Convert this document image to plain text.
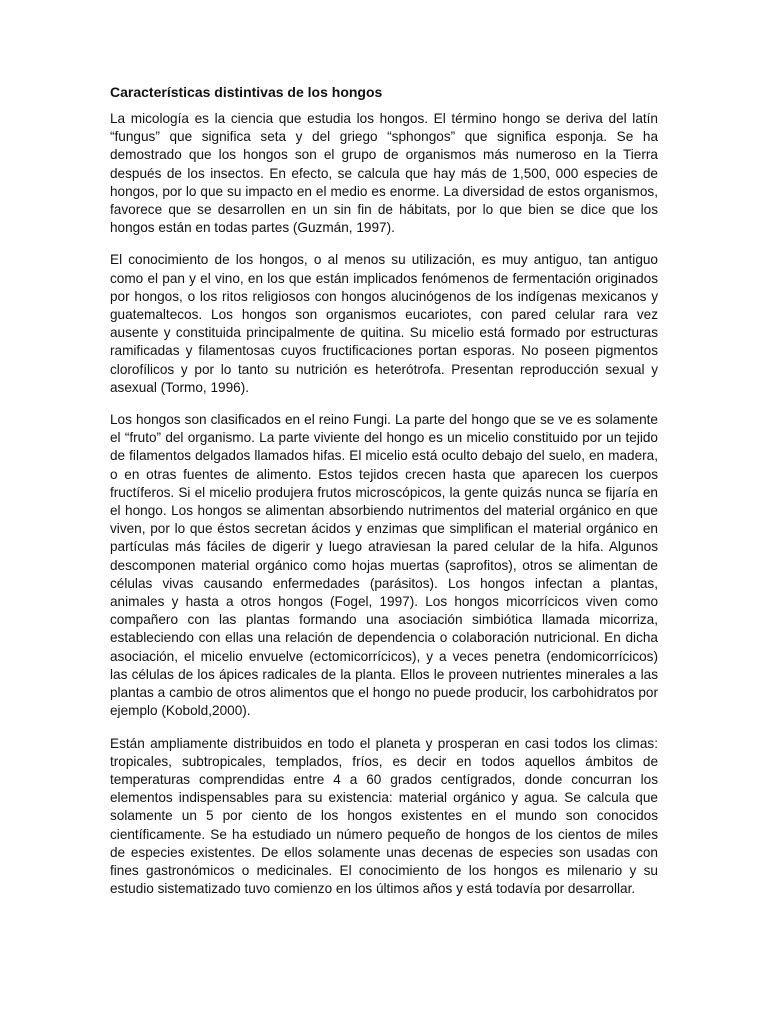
Características distintivas de los hongos

La micología es la ciencia que estudia los hongos. El término hongo se deriva del latín “fungus” que significa seta y del griego “sphongos” que significa esponja. Se ha demostrado que los hongos son el grupo de organismos más numeroso en la Tierra después de los insectos. En efecto, se calcula que hay más de 1,500, 000 especies de hongos, por lo que su impacto en el medio es enorme. La diversidad de estos organismos, favorece que se desarrollen en un sin fin de hábitats, por lo que bien se dice que los hongos están en todas partes (Guzmán, 1997).

El conocimiento de los hongos, o al menos su utilización, es muy antiguo, tan antiguo como el pan y el vino, en los que están implicados fenómenos de fermentación originados por hongos, o los ritos religiosos con hongos alucinógenos de los indígenas mexicanos y guatemaltecos. Los hongos son organismos eucariotes, con pared celular rara vez ausente y constituida principalmente de quitina. Su micelio está formado por estructuras ramificadas y filamentosas cuyos fructificaciones portan esporas. No poseen pigmentos clorofílicos y por lo tanto su nutrición es heterótrofa. Presentan reproducción sexual y asexual (Tormo, 1996).

Los hongos son clasificados en el reino Fungi. La parte del hongo que se ve es solamente el “fruto” del organismo. La parte viviente del hongo es un micelio constituido por un tejido de filamentos delgados llamados hifas. El micelio está oculto debajo del suelo, en madera, o en otras fuentes de alimento. Estos tejidos crecen hasta que aparecen los cuerpos fructíferos. Si el micelio produjera frutos microscópicos, la gente quizás nunca se fijaría en el hongo. Los hongos se alimentan absorbiendo nutrimentos del material orgánico en que viven, por lo que éstos secretan ácidos y enzimas que simplifican el material orgánico en partículas más fáciles de digerir y luego atraviesan la pared celular de la hifa. Algunos descomponen material orgánico como hojas muertas (saprofitos), otros se alimentan de células vivas causando enfermedades (parásitos). Los hongos infectan a plantas, animales y hasta a otros hongos (Fogel, 1997). Los hongos micorrícicos viven como compañero con las plantas formando una asociación simbiótica llamada micorriza, estableciendo con ellas una relación de dependencia o colaboración nutricional. En dicha asociación, el micelio envuelve (ectomicorrícicos), y a veces penetra (endomicorrícicos) las células de los ápices radicales de la planta. Ellos le proveen nutrientes minerales a las plantas a cambio de otros alimentos que el hongo no puede producir, los carbohidratos por ejemplo (Kobold,2000).

Están ampliamente distribuidos en todo el planeta y prosperan en casi todos los climas: tropicales, subtropicales, templados, fríos, es decir en todos aquellos ámbitos de temperaturas comprendidas entre 4 a 60 grados centígrados, donde concurran los elementos indispensables para su existencia: material orgánico y agua. Se calcula que solamente un 5 por ciento de los hongos existentes en el mundo son conocidos científicamente. Se ha estudiado un número pequeño de hongos de los cientos de miles de especies existentes. De ellos solamente unas decenas de especies son usadas con fines gastronómicos o medicinales. El conocimiento de los hongos es milenario y su estudio sistematizado tuvo comienzo en los últimos años y está todavía por desarrollar.
